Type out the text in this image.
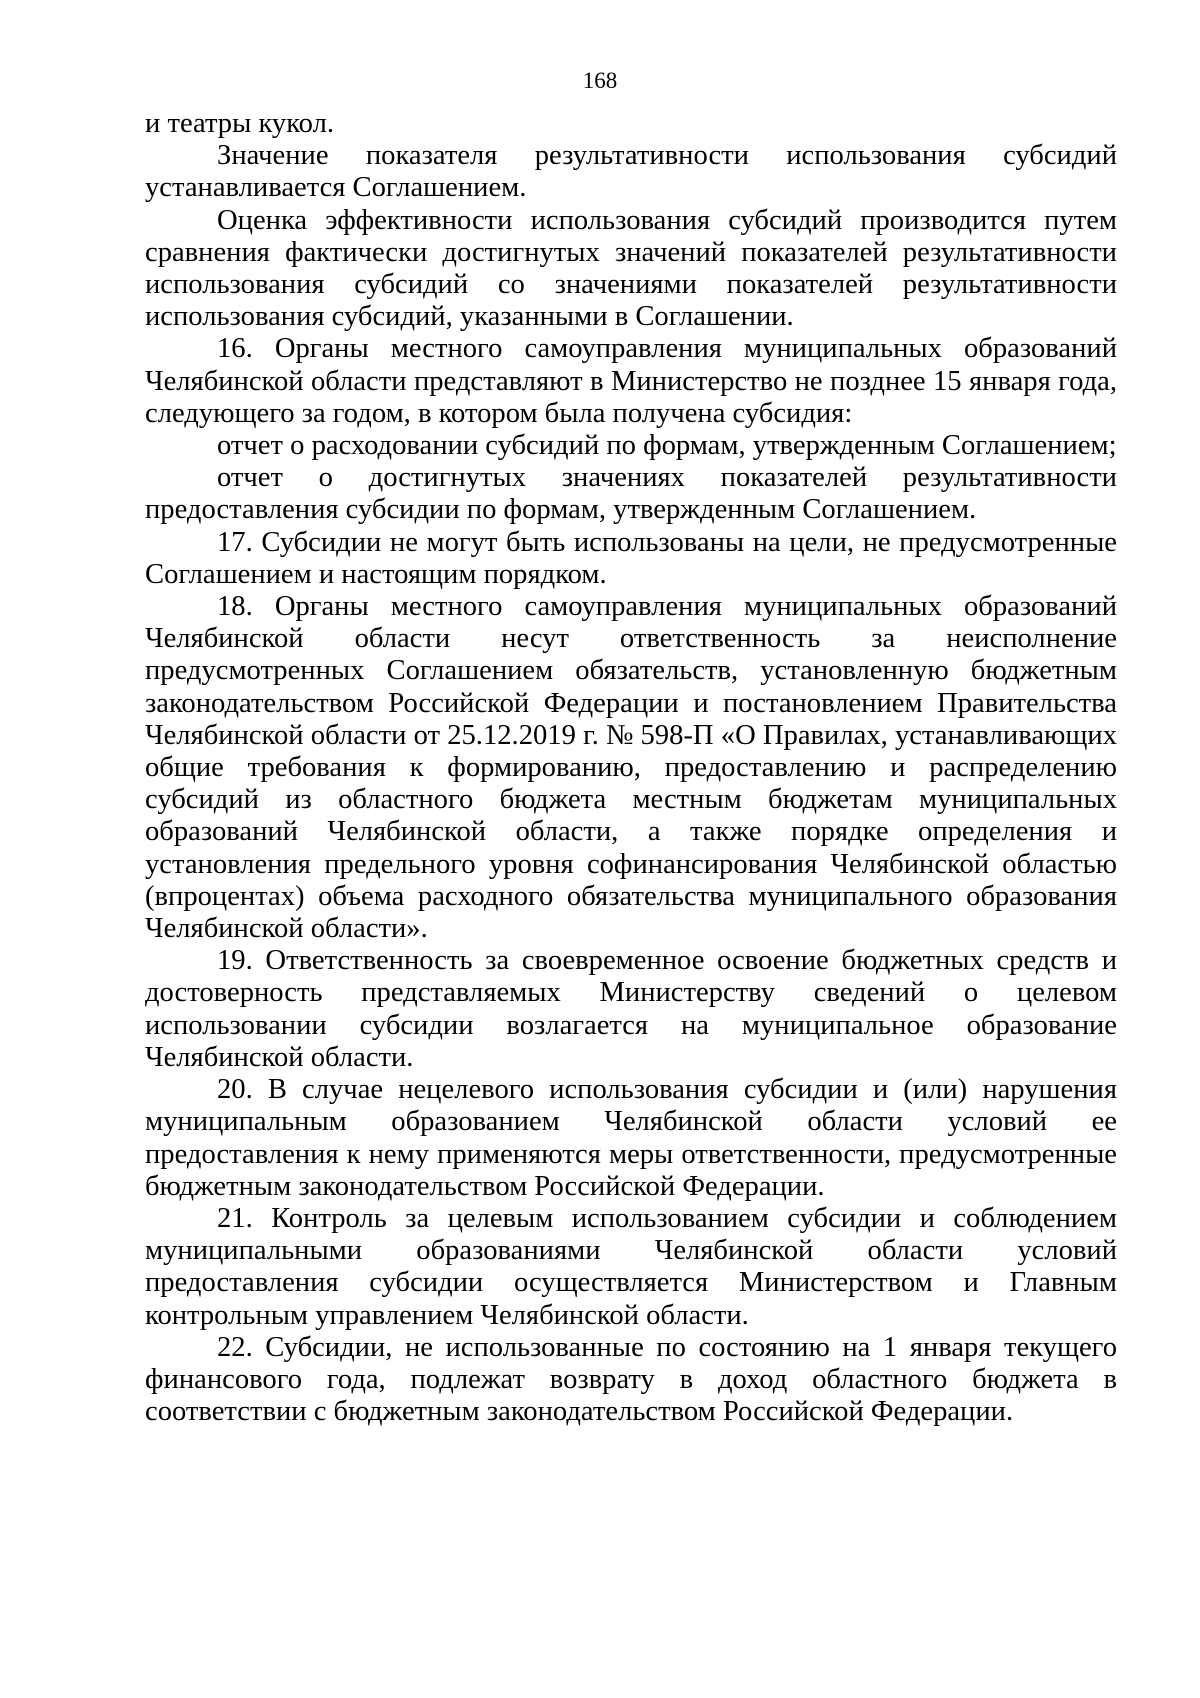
168

и театры кукол.

Значение показателя результативности использования субсидий устанавливается Соглашением.

Оценка эффективности использования субсидий производится путем сравнения фактически достигнутых значений показателей результативности использования субсидий со значениями показателей результативности использования субсидий, указанными в Соглашении.

16. Органы местного самоуправления муниципальных образований Челябинской области представляют в Министерство не позднее 15 января года, следующего за годом, в котором была получена субсидия:

отчет о расходовании субсидий по формам, утвержденным Соглашением;

отчет о достигнутых значениях показателей результативности предоставления субсидии по формам, утвержденным Соглашением.

17. Субсидии не могут быть использованы на цели, не предусмотренные Соглашением и настоящим порядком.

18. Органы местного самоуправления муниципальных образований Челябинской области несут ответственность за неисполнение предусмотренных Соглашением обязательств, установленную бюджетным законодательством Российской Федерации и постановлением Правительства Челябинской области от 25.12.2019 г. № 598-П «О Правилах, устанавливающих общие требования к формированию, предоставлению и распределению субсидий из областного бюджета местным бюджетам муниципальных образований Челябинской области, а также порядке определения и установления предельного уровня софинансирования Челябинской областью (впроцентах) объема расходного обязательства муниципального образования Челябинской области».

19. Ответственность за своевременное освоение бюджетных средств и достоверность представляемых Министерству сведений о целевом использовании субсидии возлагается на муниципальное образование Челябинской области.

20. В случае нецелевого использования субсидии и (или) нарушения муниципальным образованием Челябинской области условий ее предоставления к нему применяются меры ответственности, предусмотренные бюджетным законодательством Российской Федерации.

21. Контроль за целевым использованием субсидии и соблюдением муниципальными образованиями Челябинской области условий предоставления субсидии осуществляется Министерством и Главным контрольным управлением Челябинской области.

22. Субсидии, не использованные по состоянию на 1 января текущего финансового года, подлежат возврату в доход областного бюджета в соответствии с бюджетным законодательством Российской Федерации.
